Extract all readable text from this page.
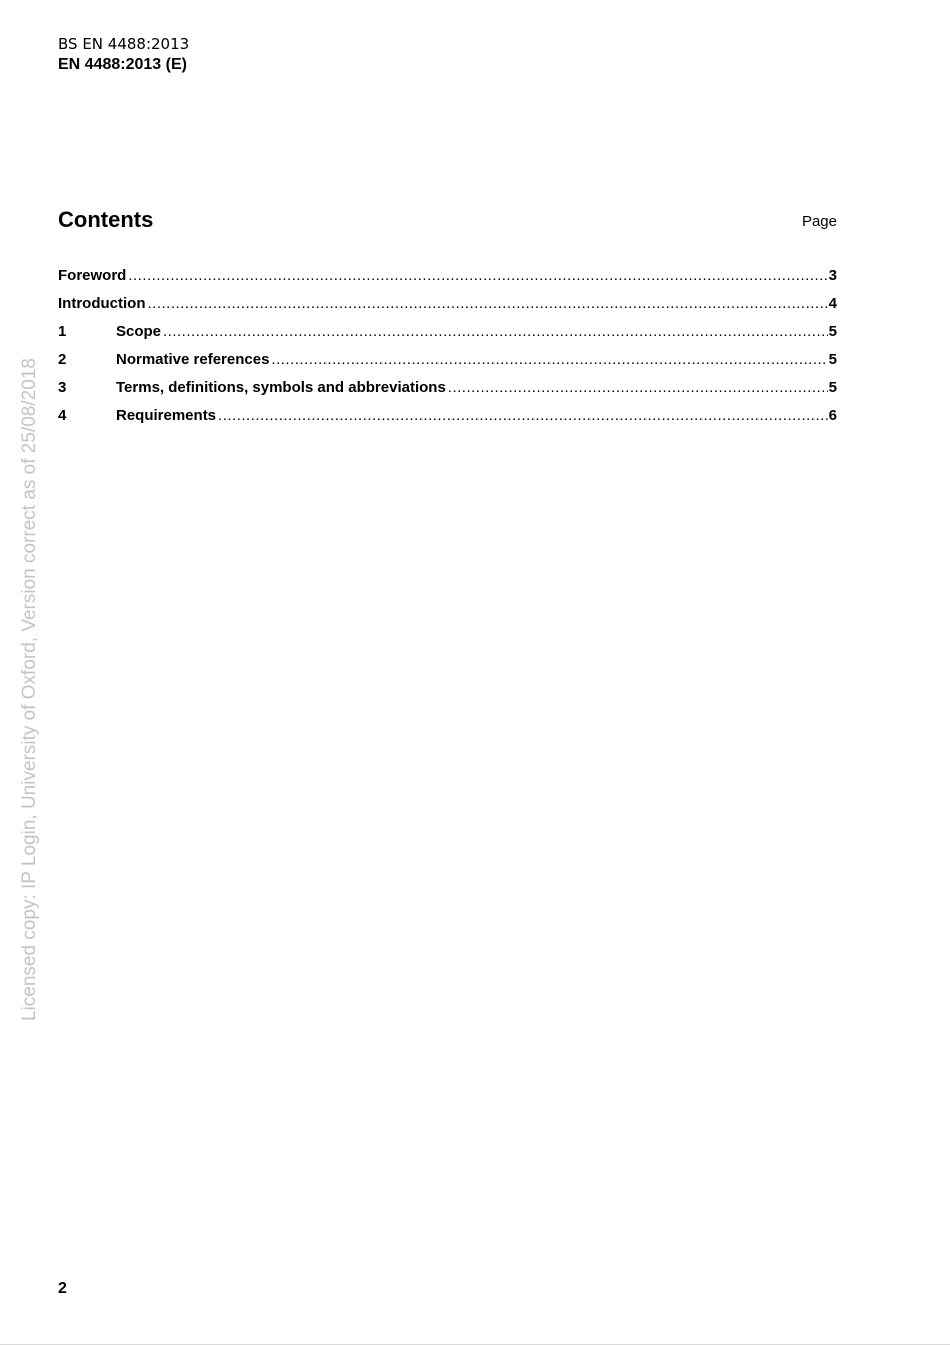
BS EN 4488:2013
EN 4488:2013 (E)
Contents	Page
Foreword .....	3
Introduction .....	4
1	Scope .....	5
2	Normative references .....	5
3	Terms, definitions, symbols and abbreviations .....	5
4	Requirements .....	6
Licensed copy: IP Login, University of Oxford, Version correct as of 25/08/2018
2
